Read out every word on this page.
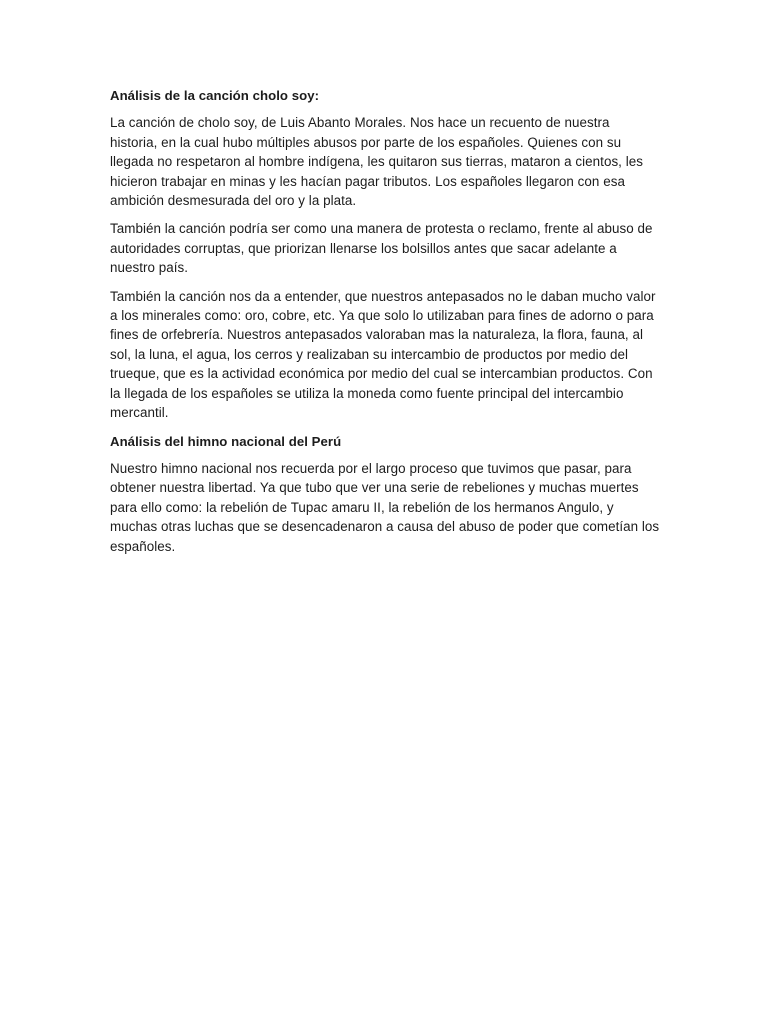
Análisis de la canción cholo soy:

La canción de cholo soy, de Luis Abanto Morales. Nos hace un recuento de nuestra historia, en la cual hubo múltiples abusos por parte de los españoles. Quienes con su llegada no respetaron al hombre indígena, les quitaron sus tierras, mataron a cientos, les hicieron trabajar en minas y les hacían pagar tributos. Los españoles llegaron con esa ambición desmesurada del oro y la plata.

También la canción podría ser como una manera de protesta o reclamo, frente al abuso de autoridades corruptas, que priorizan llenarse los bolsillos antes que sacar adelante a nuestro país.

También la canción nos da a entender, que nuestros antepasados no le daban mucho valor a los minerales como: oro, cobre, etc. Ya que solo lo utilizaban para fines de adorno o para fines de orfebrería. Nuestros antepasados valoraban mas la naturaleza, la flora, fauna, al sol, la luna, el agua, los cerros y realizaban su intercambio de productos por medio del trueque, que es la actividad económica por medio del cual se intercambian productos. Con la llegada de los españoles se utiliza la moneda como fuente principal del intercambio mercantil.

Análisis del himno nacional del Perú

Nuestro himno nacional nos recuerda por el largo proceso que tuvimos que pasar, para obtener nuestra libertad. Ya que tubo que ver una serie de rebeliones y muchas muertes para ello como: la rebelión de Tupac amaru II, la rebelión de los hermanos Angulo, y muchas otras luchas que se desencadenaron a causa del abuso de poder que cometían los españoles.
